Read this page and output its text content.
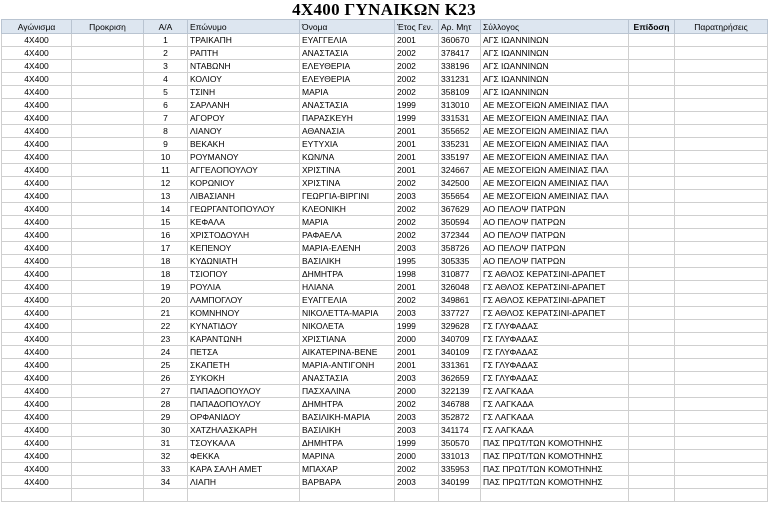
4Χ400 ΓΥΝΑΙΚΩΝ Κ23
Αγώνισμα	Προκριση	Α/Α	Επώνυμο	Όνομα	Έτος Γεν.	Αρ. Μητ	Σύλλογος	Επίδοση	Παρατηρήσεις
4Χ400		1	ΤΡΑΙΚΑΠΗ	ΕΥΑΓΓΕΛΙΑ	2001	360670	ΑΓΣ ΙΩΑΝΝΙΝΩΝ		
4Χ400		2	ΡΑΠΤΗ	ΑΝΑΣΤΑΣΙΑ	2002	378417	ΑΓΣ ΙΩΑΝΝΙΝΩΝ		
4Χ400		3	ΝΤΑΒΩΝΗ	ΕΛΕΥΘΕΡΙΑ	2002	338196	ΑΓΣ ΙΩΑΝΝΙΝΩΝ		
4Χ400		4	ΚΟΛΙΟΥ	ΕΛΕΥΘΕΡΙΑ	2002	331231	ΑΓΣ ΙΩΑΝΝΙΝΩΝ		
4Χ400		5	ΤΣΙΝΗ	ΜΑΡΙΑ	2002	358109	ΑΓΣ ΙΩΑΝΝΙΝΩΝ		
4Χ400		6	ΣΑΡΛΑΝΗ	ΑΝΑΣΤΑΣΙΑ	1999	313010	ΑΕ ΜΕΣΟΓΕΙΩΝ ΑΜΕΙΝΙΑΣ ΠΑΛ		
4Χ400		7	ΑΓΟΡΟΥ	ΠΑΡΑΣΚΕΥΗ	1999	331531	ΑΕ ΜΕΣΟΓΕΙΩΝ ΑΜΕΙΝΙΑΣ ΠΑΛ		
4Χ400		8	ΛΙΑΝΟΥ	ΑΘΑΝΑΣΙΑ	2001	355652	ΑΕ ΜΕΣΟΓΕΙΩΝ ΑΜΕΙΝΙΑΣ ΠΑΛ		
4Χ400		9	ΒΕΚΑΚΗ	ΕΥΤΥΧΙΑ	2001	335231	ΑΕ ΜΕΣΟΓΕΙΩΝ ΑΜΕΙΝΙΑΣ ΠΑΛ		
4Χ400		10	ΡΟΥΜΑΝΟΥ	ΚΩΝ/ΝΑ	2001	335197	ΑΕ ΜΕΣΟΓΕΙΩΝ ΑΜΕΙΝΙΑΣ ΠΑΛ		
4Χ400		11	ΑΓΓΕΛΟΠΟΥΛΟΥ	ΧΡΙΣΤΙΝΑ	2001	324667	ΑΕ ΜΕΣΟΓΕΙΩΝ ΑΜΕΙΝΙΑΣ ΠΑΛ		
4Χ400		12	ΚΟΡΩΝΙΟΥ	ΧΡΙΣΤΙΝΑ	2002	342500	ΑΕ ΜΕΣΟΓΕΙΩΝ ΑΜΕΙΝΙΑΣ ΠΑΛ		
4Χ400		13	ΛΙΒΑΣΙΑΝΗ	ΓΕΩΡΓΙΑ-ΒΙΡΓΙΝΙ	2003	355654	ΑΕ ΜΕΣΟΓΕΙΩΝ ΑΜΕΙΝΙΑΣ ΠΑΛ		
4Χ400		14	ΓΕΩΡΓΑΝΤΟΠΟΥΛΟΥ	ΚΛΕΟΝΙΚΗ	2002	367629	ΑΟ ΠΕΛΟΨ ΠΑΤΡΩΝ		
4Χ400		15	ΚΕΦΑΛΑ	ΜΑΡΙΑ	2002	350594	ΑΟ ΠΕΛΟΨ ΠΑΤΡΩΝ		
4Χ400		16	ΧΡΙΣΤΟΔΟΥΛΗ	ΡΑΦΑΕΛΑ	2002	372344	ΑΟ ΠΕΛΟΨ ΠΑΤΡΩΝ		
4Χ400		17	ΚΕΠΕΝΟΥ	ΜΑΡΙΑ-ΕΛΕΝΗ	2003	358726	ΑΟ ΠΕΛΟΨ ΠΑΤΡΩΝ		
4Χ400		18	ΚΥΔΩΝΙΑΤΗ	ΒΑΣΙΛΙΚΗ	1995	305335	ΑΟ ΠΕΛΟΨ ΠΑΤΡΩΝ		
4Χ400		18	ΤΣΙΟΠΟΥ	ΔΗΜΗΤΡΑ	1998	310877	ΓΣ ΑΘΛΟΣ ΚΕΡΑΤΣΙΝΙ-ΔΡΑΠΕΤ		
4Χ400		19	ΡΟΥΛΙΑ	ΗΛΙΑΝΑ	2001	326048	ΓΣ ΑΘΛΟΣ ΚΕΡΑΤΣΙΝΙ-ΔΡΑΠΕΤ		
4Χ400		20	ΛΑΜΠΟΓΛΟΥ	ΕΥΑΓΓΕΛΙΑ	2002	349861	ΓΣ ΑΘΛΟΣ ΚΕΡΑΤΣΙΝΙ-ΔΡΑΠΕΤ		
4Χ400		21	ΚΟΜΝΗΝΟΥ	ΝΙΚΟΛΕΤΤΑ-ΜΑΡΙΑ	2003	337727	ΓΣ ΑΘΛΟΣ ΚΕΡΑΤΣΙΝΙ-ΔΡΑΠΕΤ		
4Χ400		22	ΚΥΝΑΤΙΔΟΥ	ΝΙΚΟΛΕΤΑ	1999	329628	ΓΣ ΓΛΥΦΑΔΑΣ		
4Χ400		23	ΚΑΡΑΝΤΩΝΗ	ΧΡΙΣΤΙΑΝΑ	2000	340709	ΓΣ ΓΛΥΦΑΔΑΣ		
4Χ400		24	ΠΕΤΣΑ	ΑΙΚΑΤΕΡΙΝΑ-ΒΕΝΕ	2001	340109	ΓΣ ΓΛΥΦΑΔΑΣ		
4Χ400		25	ΣΚΑΠΕΤΗ	ΜΑΡΙΑ-ΑΝΤΙΓΟΝΗ	2001	331361	ΓΣ ΓΛΥΦΑΔΑΣ		
4Χ400		26	ΣΥΚΟΚΗ	ΑΝΑΣΤΑΣΙΑ	2003	362659	ΓΣ ΓΛΥΦΑΔΑΣ		
4Χ400		27	ΠΑΠΑΔΟΠΟΥΛΟΥ	ΠΑΣΧΑΛΙΝΑ	2000	322139	ΓΣ ΛΑΓΚΑΔΑ		
4Χ400		28	ΠΑΠΑΔΟΠΟΥΛΟΥ	ΔΗΜΗΤΡΑ	2002	346788	ΓΣ ΛΑΓΚΑΔΑ		
4Χ400		29	ΟΡΦΑΝΙΔΟΥ	ΒΑΣΙΛΙΚΗ-ΜΑΡΙΑ	2003	352872	ΓΣ ΛΑΓΚΑΔΑ		
4Χ400		30	ΧΑΤΖΗΛΑΣΚΑΡΗ	ΒΑΣΙΛΙΚΗ	2003	341174	ΓΣ ΛΑΓΚΑΔΑ		
4Χ400		31	ΤΣΟΥΚΑΛΑ	ΔΗΜΗΤΡΑ	1999	350570	ΠΑΣ ΠΡΩΤ/ΤΩΝ ΚΟΜΟΤΗΝΗΣ		
4Χ400		32	ΦΕΚΚΑ	ΜΑΡΙΝΑ	2000	331013	ΠΑΣ ΠΡΩΤ/ΤΩΝ ΚΟΜΟΤΗΝΗΣ		
4Χ400		33	ΚΑΡΑ ΣΑΛΗ ΑΜΕΤ	ΜΠΑΧΑΡ	2002	335953	ΠΑΣ ΠΡΩΤ/ΤΩΝ ΚΟΜΟΤΗΝΗΣ		
4Χ400		34	ΛΙΑΠΗ	ΒΑΡΒΑΡΑ	2003	340199	ΠΑΣ ΠΡΩΤ/ΤΩΝ ΚΟΜΟΤΗΝΗΣ		
